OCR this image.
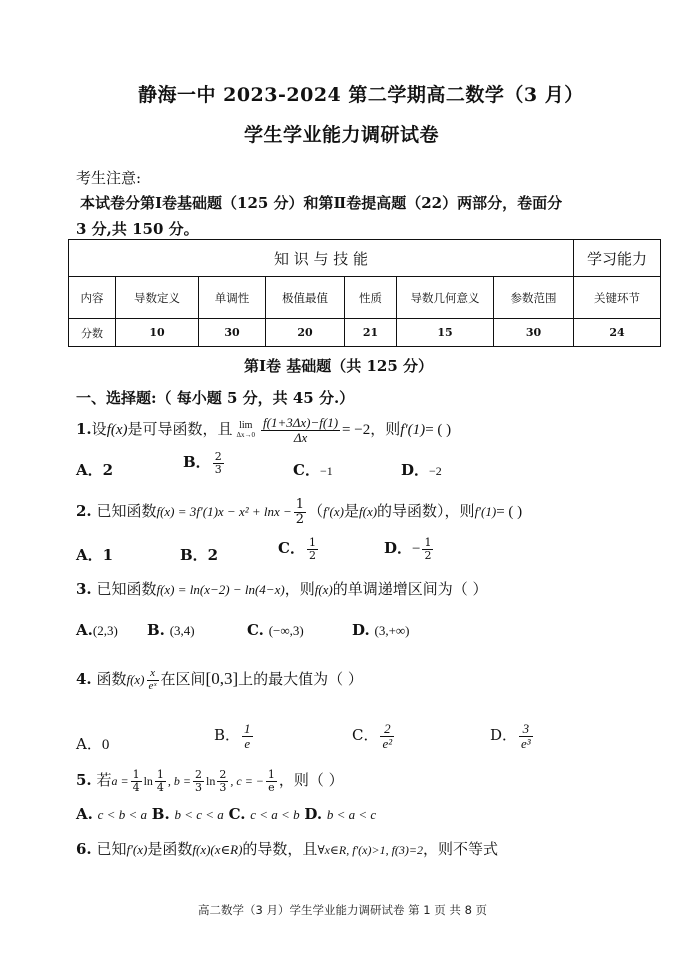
静海一中 2023-2024 第二学期高二数学（3 月）
学生学业能力调研试卷
考生注意:
本试卷分第Ⅰ卷基础题（125 分）和第Ⅱ卷提高题（22）两部分，卷面分
3 分,共 150 分。
知 识 与 技 能							学习能力
内容	导数定义	单调性	极值最值	性质	导数几何意义	参数范围	关键环节
分数	10	30	20	21	15	30	24
第Ⅰ卷 基础题（共 125 分）
一、选择题:（ 每小题 5 分，共 45 分.）
1.设f(x)是可导函数，且 lim
$\Delta x\to 0 \frac{f(1+3\Delta x)-f(1)}{\Delta x} = -2$，则f′(1)= ( )
A．2	B． $\frac{2}{3}$	C．−1	D．−2
2. 已知函数$f(x) = 3f'(1)x - x^2 + \ln x - \frac{1}{2} (f'(x)$是f(x)的导函数），则f′(1)= ( )
A．1	B．2	C． $\frac{1}{2}$	D．− $\frac{1}{2}$
3. 已知函数f(x) = ln(x−2) − ln(4−x)，则f(x)的单调递增区间为（ ）
A.(2,3) B. (3,4)	C. (−∞,3)	D. (3,+∞)
4. 函数$f(x) \frac{x}{\text{eˣ}}$ 在区间[0,3]上的最大值为（ ）
A．0
B． $\frac{1}{e}$	C． $\frac{2}{\text{e²}}$	D． $\frac{3}{\text{e³}}$
5. 若$a = \frac{1}{4}$ $\ln \frac{1}{4}$ , $b = \frac{2}{3}$ $\ln \frac{2}{3}$ , c = − $\frac{1}{e}$ ，则（ ）
A. c < b < a B. b < c < a C. c < a < b D. b < a < c
6. 已知f′(x)是函数f(x)(x∈R)的导数，且∀x∈R, f′(x)>1, f(3)=2，则不等式
高二数学（3 月）学生学业能力调研试卷 第 1 页 共 8 页
